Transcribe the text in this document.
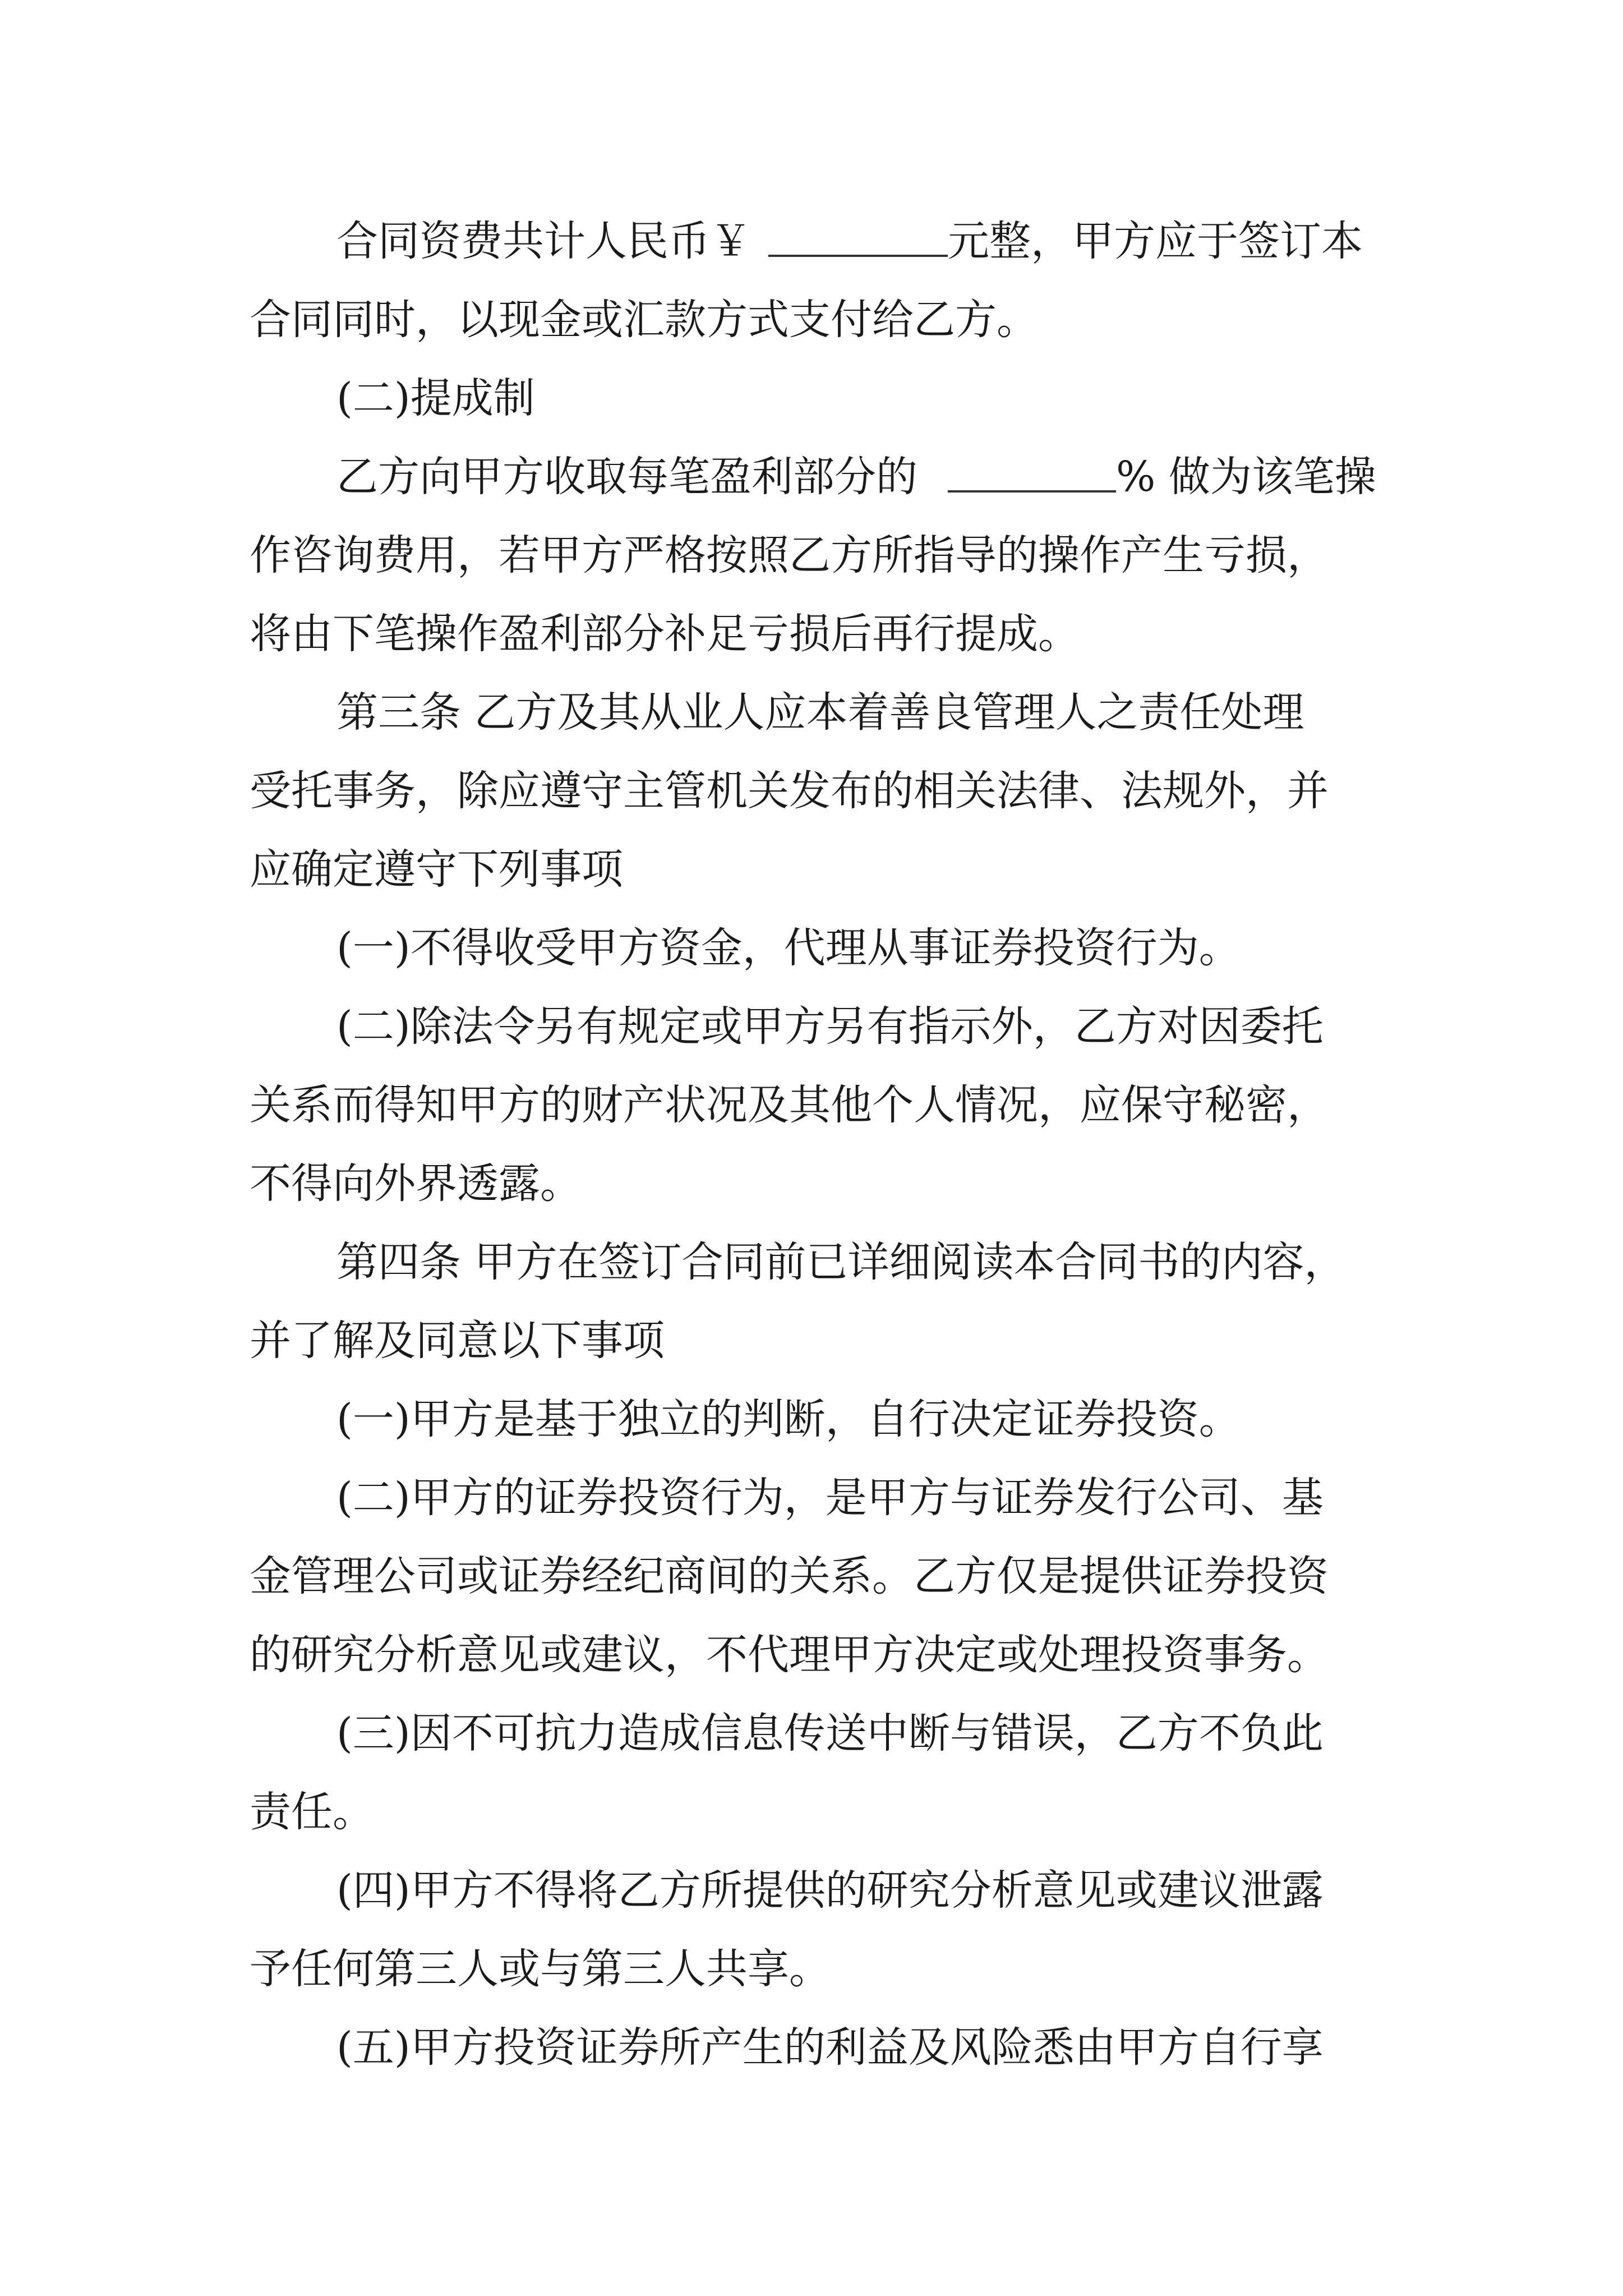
合同资费共计人民币￥	元整，甲方应于签订本
合同同时，以现金或汇款方式支付给乙方。
(二)提成制
乙方向甲方收取每笔盈利部分的	% 做为该笔操
作咨询费用，若甲方严格按照乙方所指导的操作产生亏损，
将由下笔操作盈利部分补足亏损后再行提成。
第三条 乙方及其从业人应本着善良管理人之责任处理
受托事务，除应遵守主管机关发布的相关法律、法规外，并
应确定遵守下列事项
(一)不得收受甲方资金，代理从事证券投资行为。
(二)除法令另有规定或甲方另有指示外，乙方对因委托
关系而得知甲方的财产状况及其他个人情况，应保守秘密，
不得向外界透露。
第四条 甲方在签订合同前已详细阅读本合同书的内容，
并了解及同意以下事项
(一)甲方是基于独立的判断，自行决定证券投资。
(二)甲方的证券投资行为，是甲方与证券发行公司、基
金管理公司或证券经纪商间的关系。乙方仅是提供证券投资
的研究分析意见或建议，不代理甲方决定或处理投资事务。
(三)因不可抗力造成信息传送中断与错误，乙方不负此
责任。
(四)甲方不得将乙方所提供的研究分析意见或建议泄露
予任何第三人或与第三人共享。
(五)甲方投资证券所产生的利益及风险悉由甲方自行享
